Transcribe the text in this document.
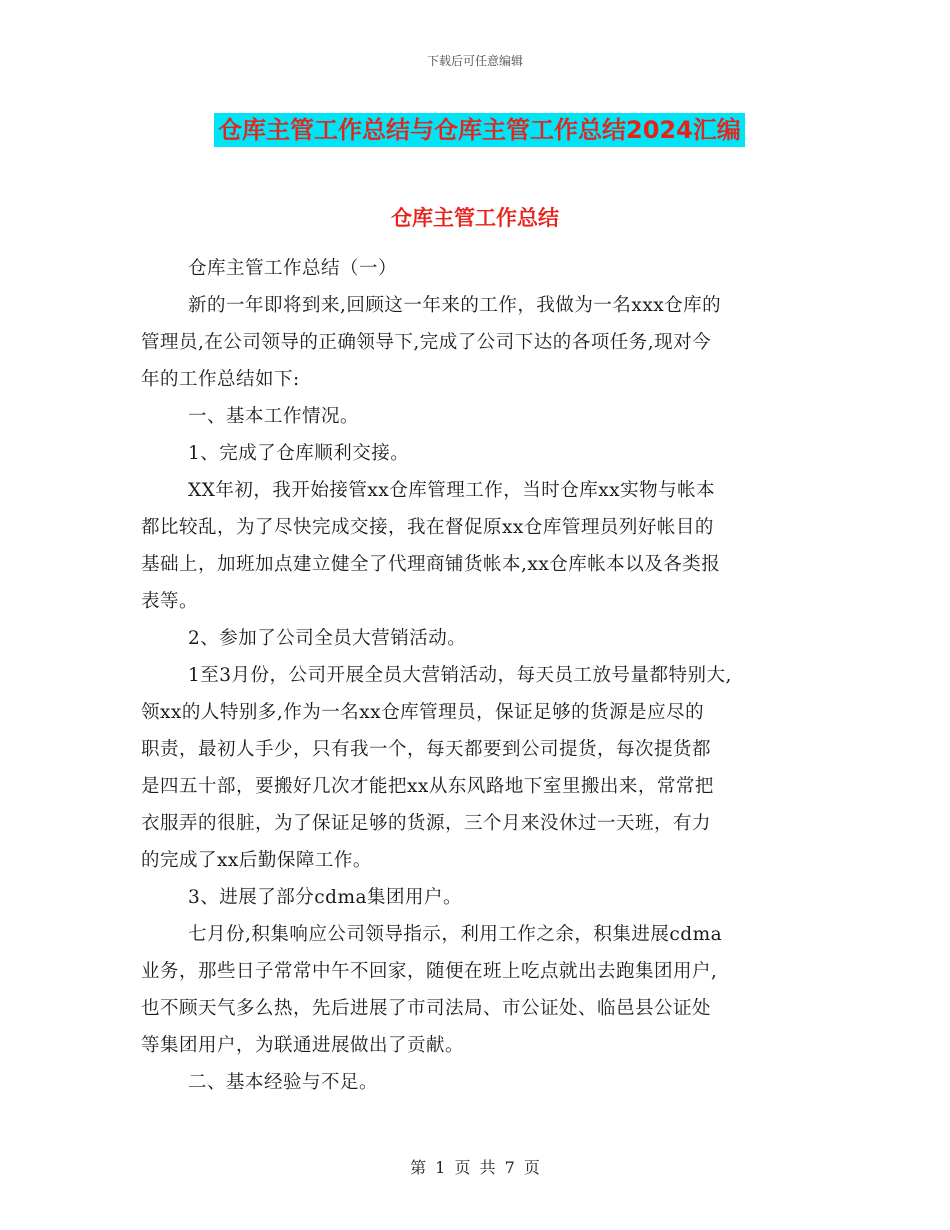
下载后可任意编辑
仓库主管工作总结与仓库主管工作总结2024汇编
仓库主管工作总结
仓库主管工作总结（一）
新的一年即将到来,回顾这一年来的工作，我做为一名xxx仓库的
管理员,在公司领导的正确领导下,完成了公司下达的各项任务,现对今
年的工作总结如下:
一、基本工作情况。
1、完成了仓库顺利交接。
XX年初，我开始接管xx仓库管理工作，当时仓库xx实物与帐本
都比较乱，为了尽快完成交接，我在督促原xx仓库管理员列好帐目的
基础上，加班加点建立健全了代理商铺货帐本,xx仓库帐本以及各类报
表等。
2、参加了公司全员大营销活动。
1至3月份，公司开展全员大营销活动，每天员工放号量都特别大,
领xx的人特别多,作为一名xx仓库管理员，保证足够的货源是应尽的
职责，最初人手少，只有我一个，每天都要到公司提货，每次提货都
是四五十部，要搬好几次才能把xx从东风路地下室里搬出来，常常把
衣服弄的很脏，为了保证足够的货源，三个月来没休过一天班，有力
的完成了xx后勤保障工作。
3、进展了部分cdma集团用户。
七月份,积集响应公司领导指示，利用工作之余，积集进展cdma
业务，那些日子常常中午不回家，随便在班上吃点就出去跑集团用户,
也不顾天气多么热，先后进展了市司法局、市公证处、临邑县公证处
等集团用户，为联通进展做出了贡献。
二、基本经验与不足。
第 1 页 共 7 页
